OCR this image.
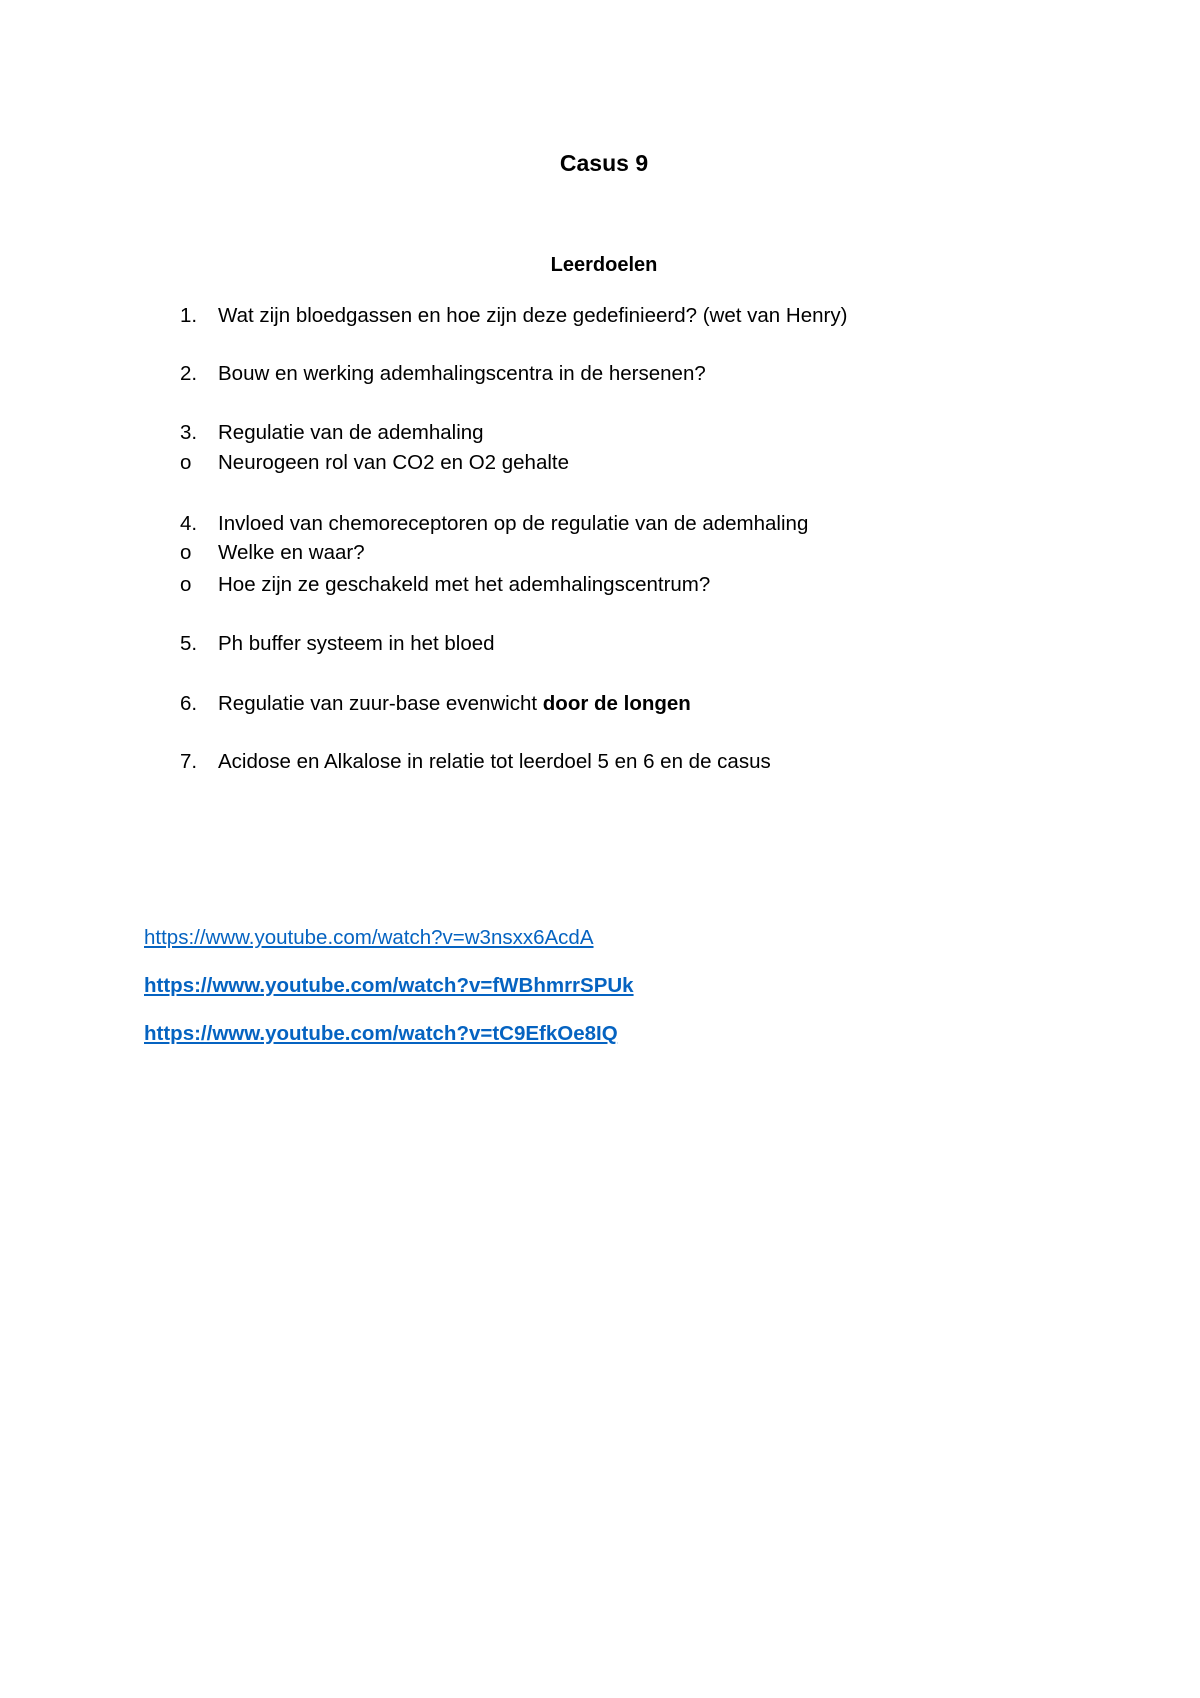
Casus 9
Leerdoelen
1.	Wat zijn bloedgassen en hoe zijn deze gedefinieerd? (wet van Henry)
2.	Bouw en werking ademhalingscentra in de hersenen?
3.	Regulatie van de ademhaling
o	Neurogeen rol van CO2 en O2 gehalte
4.	Invloed van chemoreceptoren op de regulatie van de ademhaling
o	Welke en waar?
o	Hoe zijn ze geschakeld met het ademhalingscentrum?
5.	Ph buffer systeem in het bloed
6.	Regulatie van zuur-base evenwicht door de longen
7.	Acidose en Alkalose in relatie tot leerdoel 5 en 6 en de casus
https://www.youtube.com/watch?v=w3nsxx6AcdA
https://www.youtube.com/watch?v=fWBhmrrSPUk
https://www.youtube.com/watch?v=tC9EfkOe8IQ
